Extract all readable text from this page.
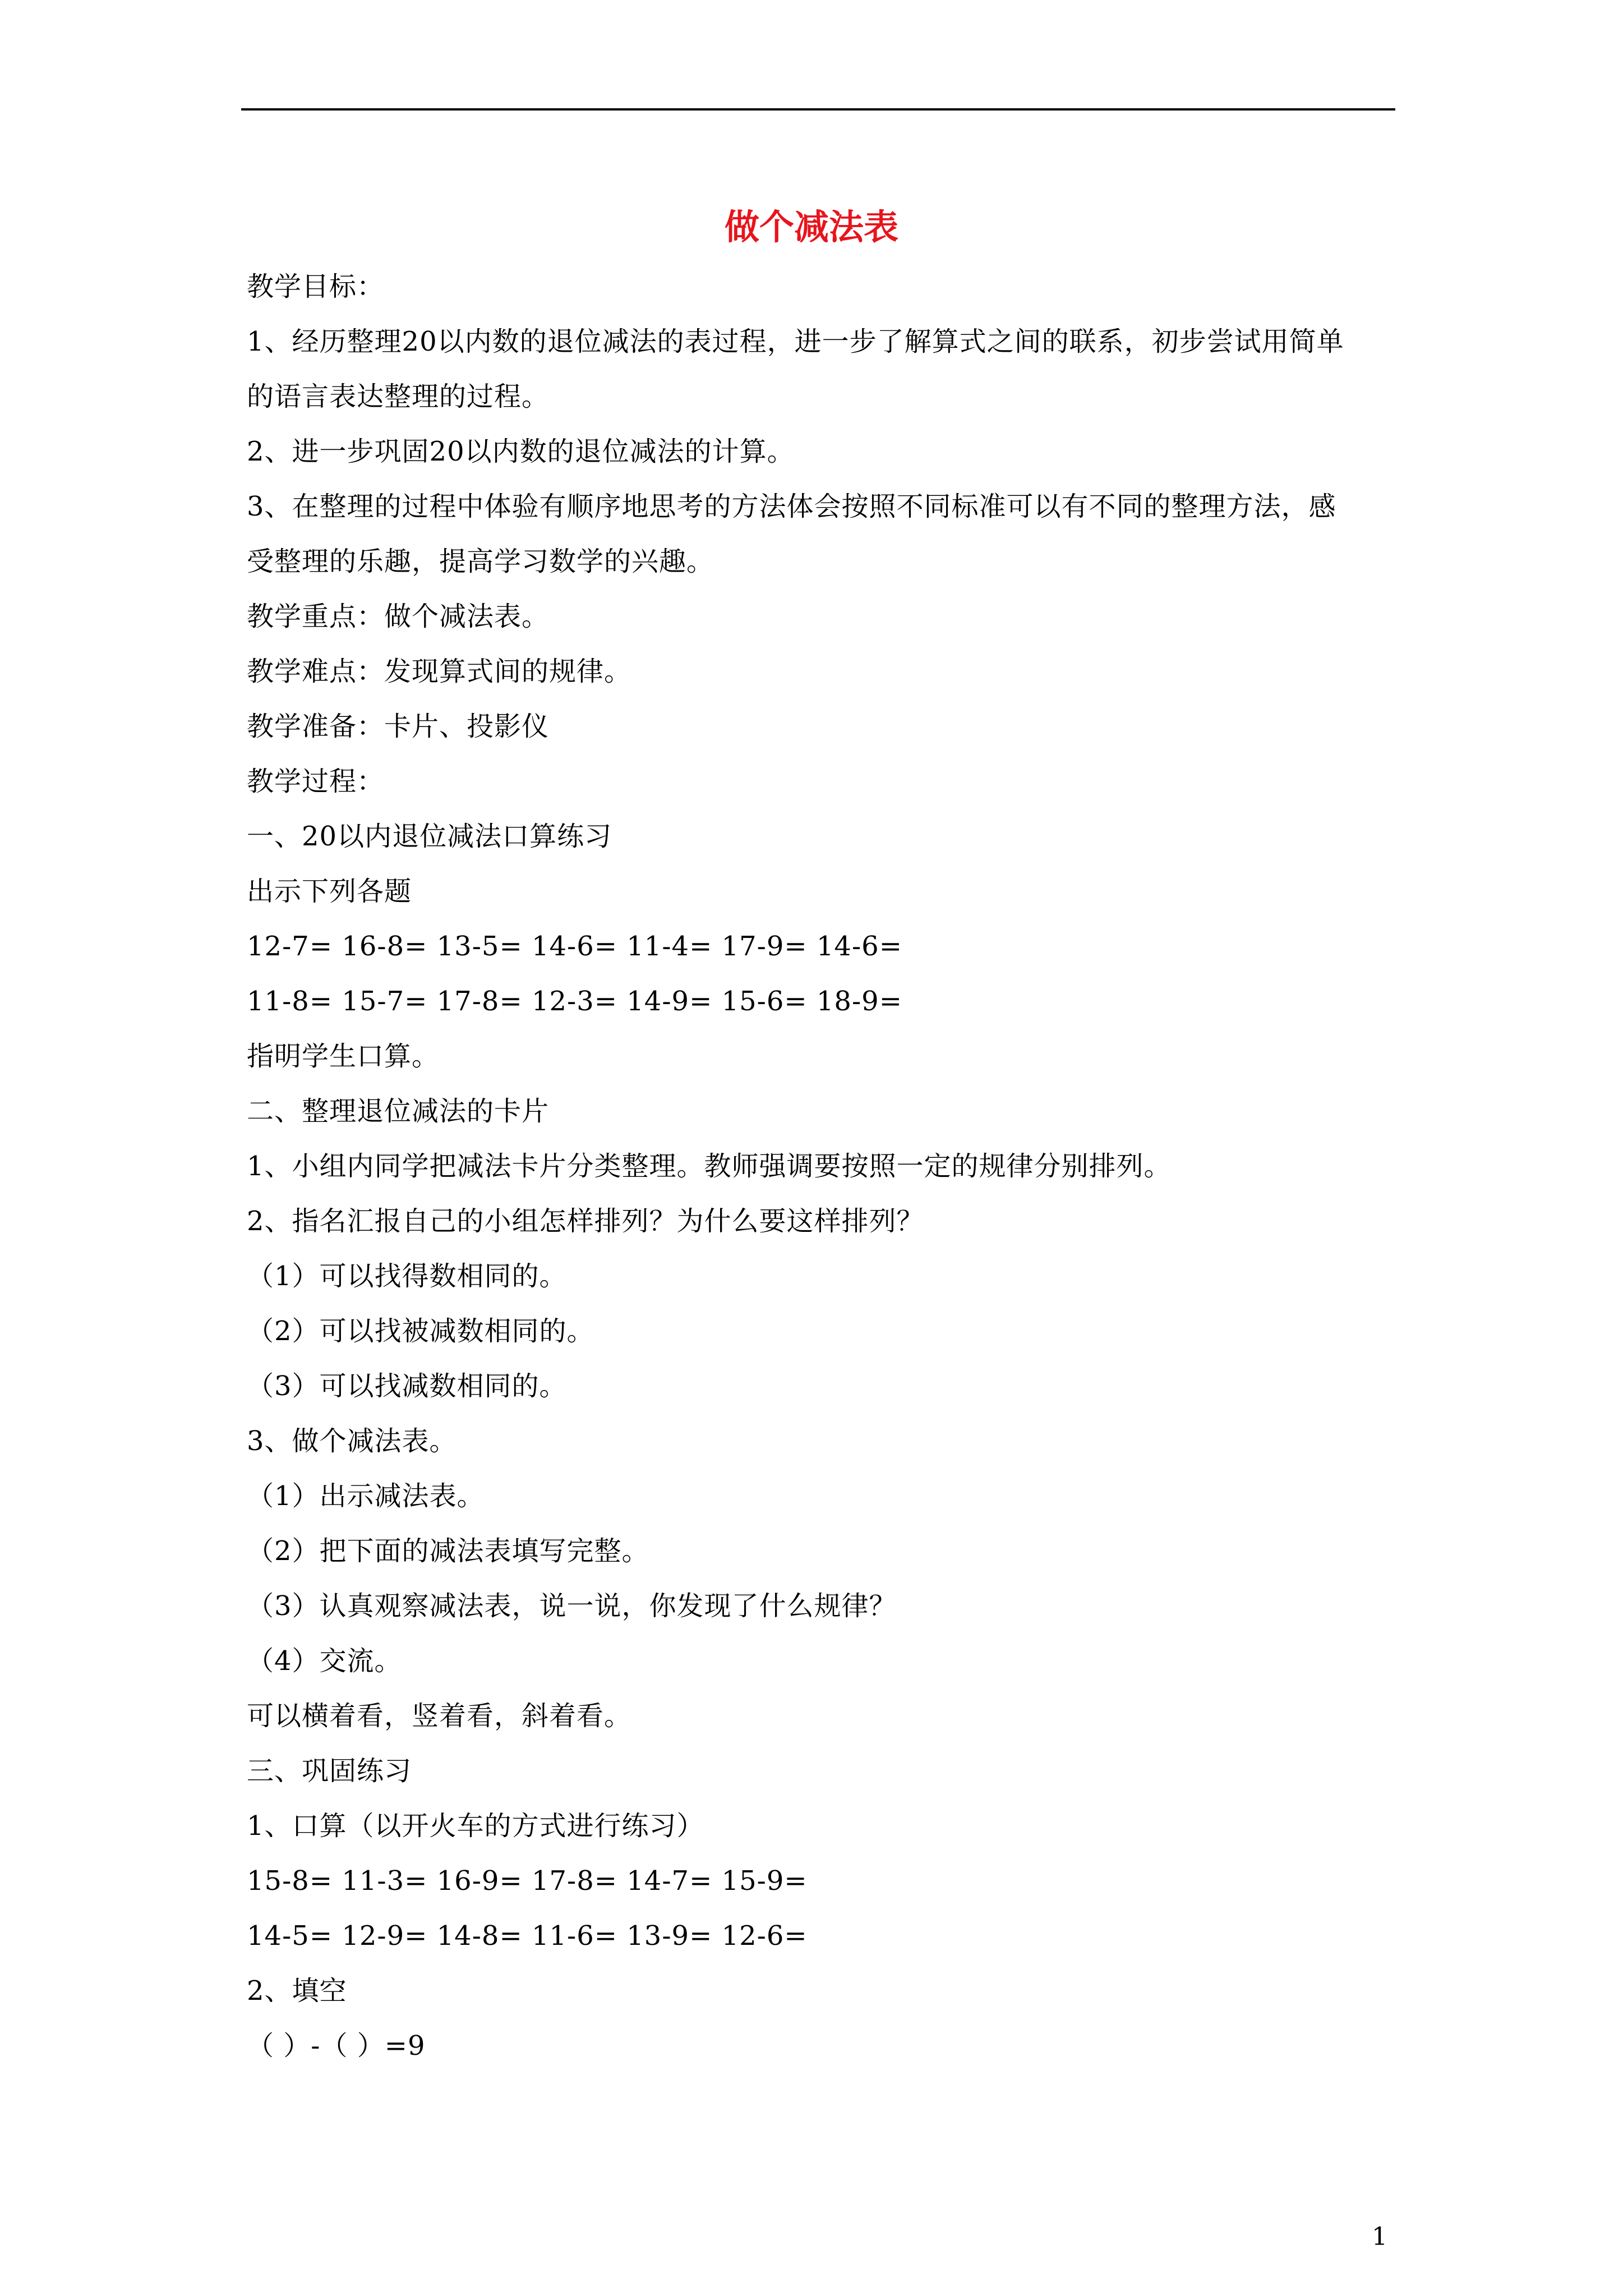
做个减法表
教学目标：
1、经历整理20以内数的退位减法的表过程，进一步了解算式之间的联系，初步尝试用简单
的语言表达整理的过程。
2、进一步巩固20以内数的退位减法的计算。
3、在整理的过程中体验有顺序地思考的方法体会按照不同标准可以有不同的整理方法，感
受整理的乐趣，提高学习数学的兴趣。
教学重点：做个减法表。
教学难点：发现算式间的规律。
教学准备：卡片、投影仪
教学过程：
一、20以内退位减法口算练习
出示下列各题
12-7= 16-8= 13-5= 14-6= 11-4= 17-9= 14-6=
11-8= 15-7= 17-8= 12-3= 14-9= 15-6= 18-9=
指明学生口算。
二、整理退位减法的卡片
1、小组内同学把减法卡片分类整理。教师强调要按照一定的规律分别排列。
2、指名汇报自己的小组怎样排列？为什么要这样排列？
（1）可以找得数相同的。
（2）可以找被减数相同的。
（3）可以找减数相同的。
3、做个减法表。
（1）出示减法表。
（2）把下面的减法表填写完整。
（3）认真观察减法表，说一说，你发现了什么规律？
（4）交流。
可以横着看，竖着看，斜着看。
三、巩固练习
1、口算（以开火车的方式进行练习）
15-8= 11-3= 16-9= 17-8= 14-7= 15-9=
14-5= 12-9= 14-8= 11-6= 13-9= 12-6=
2、填空
（ ）-（ ）=9
1
